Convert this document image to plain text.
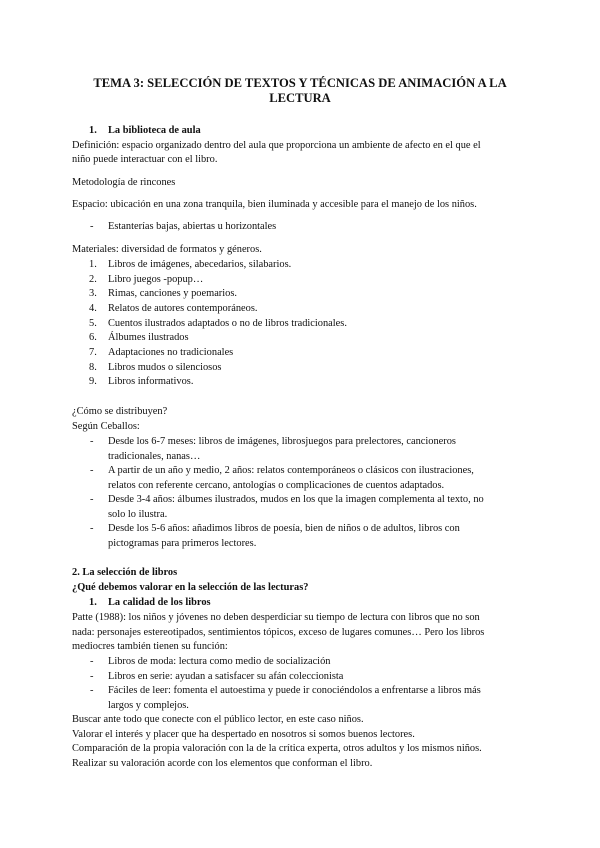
TEMA 3: SELECCIÓN DE TEXTOS Y TÉCNICAS DE ANIMACIÓN A LA
LECTURA
1. La biblioteca de aula
Definición: espacio organizado dentro del aula que proporciona un ambiente de afecto en el que el
niño puede interactuar con el libro.
Metodología de rincones
Espacio: ubicación en una zona tranquila, bien iluminada y accesible para el manejo de los niños.
- Estanterías bajas, abiertas u horizontales
Materiales: diversidad de formatos y géneros.
1. Libros de imágenes, abecedarios, silabarios.
2. Libro juegos -popup…
3. Rimas, canciones y poemarios.
4. Relatos de autores contemporáneos.
5. Cuentos ilustrados adaptados o no de libros tradicionales.
6. Álbumes ilustrados
7. Adaptaciones no tradicionales
8. Libros mudos o silenciosos
9. Libros informativos.
¿Cómo se distribuyen?
Según Ceballos:
- Desde los 6-7 meses: libros de imágenes, librosjuegos para prelectores, cancioneros
tradicionales, nanas…
- A partir de un año y medio, 2 años: relatos contemporáneos o clásicos con ilustraciones,
relatos con referente cercano, antologías o complicaciones de cuentos adaptados.
- Desde 3-4 años: álbumes ilustrados, mudos en los que la imagen complementa al texto, no
solo lo ilustra.
- Desde los 5-6 años: añadimos libros de poesía, bien de niños o de adultos, libros con
pictogramas para primeros lectores.
2. La selección de libros
¿Qué debemos valorar en la selección de las lecturas?
1. La calidad de los libros
Patte (1988): los niños y jóvenes no deben desperdiciar su tiempo de lectura con libros que no son
nada: personajes estereotipados, sentimientos tópicos, exceso de lugares comunes… Pero los libros
mediocres también tienen su función:
- Libros de moda: lectura como medio de socialización
- Libros en serie: ayudan a satisfacer su afán coleccionista
- Fáciles de leer: fomenta el autoestima y puede ir conociéndolos a enfrentarse a libros más
largos y complejos.
Buscar ante todo que conecte con el público lector, en este caso niños.
Valorar el interés y placer que ha despertado en nosotros si somos buenos lectores.
Comparación de la propia valoración con la de la crítica experta, otros adultos y los mismos niños.
Realizar su valoración acorde con los elementos que conforman el libro.
